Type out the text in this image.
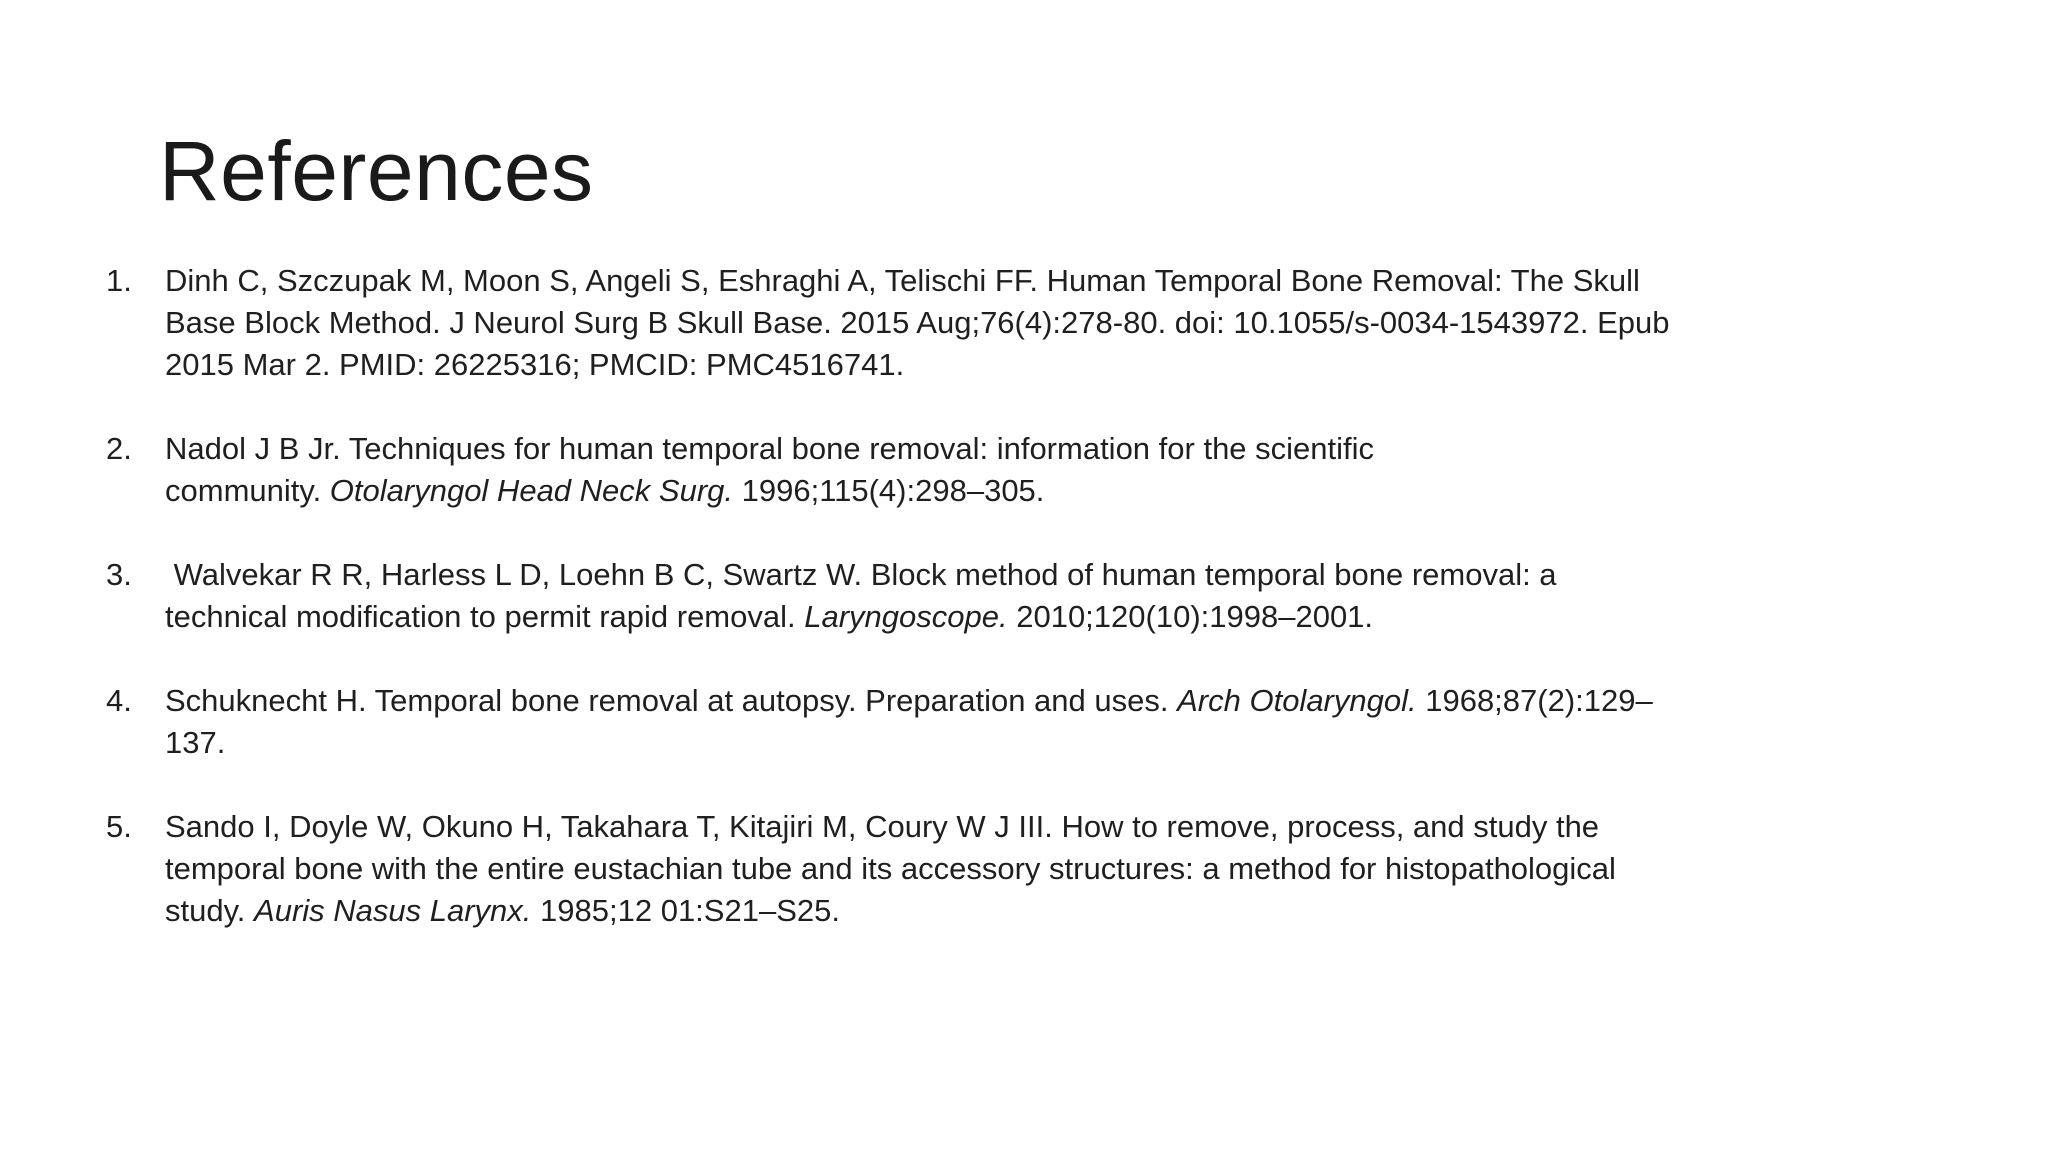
References
1.	Dinh C, Szczupak M, Moon S, Angeli S, Eshraghi A, Telischi FF. Human Temporal Bone Removal: The Skull
Base Block Method. J Neurol Surg B Skull Base. 2015 Aug;76(4):278-80. doi: 10.1055/s-0034-1543972. Epub
2015 Mar 2. PMID: 26225316; PMCID: PMC4516741.
2.	Nadol J B Jr. Techniques for human temporal bone removal: information for the scientific
community. Otolaryngol Head Neck Surg. 1996;115(4):298–305.
3.	Walvekar R R, Harless L D, Loehn B C, Swartz W. Block method of human temporal bone removal: a
technical modification to permit rapid removal. Laryngoscope. 2010;120(10):1998–2001.
4.	Schuknecht H. Temporal bone removal at autopsy. Preparation and uses. Arch Otolaryngol. 1968;87(2):129–
137.
5.	Sando I, Doyle W, Okuno H, Takahara T, Kitajiri M, Coury W J III. How to remove, process, and study the
temporal bone with the entire eustachian tube and its accessory structures: a method for histopathological
study. Auris Nasus Larynx. 1985;12 01:S21–S25.
